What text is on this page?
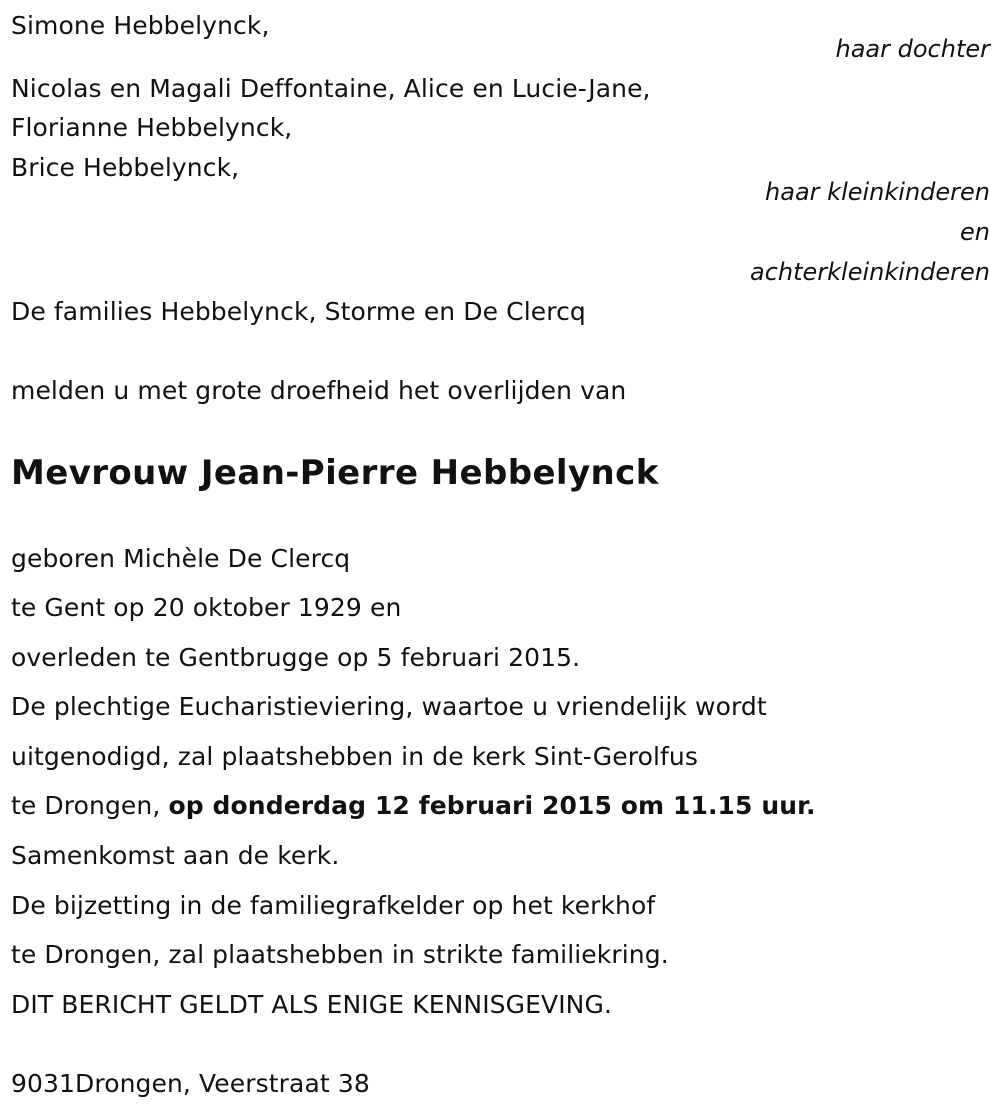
Simone Hebbelynck,
haar dochter
Nicolas en Magali Deffontaine, Alice en Lucie-Jane,
Florianne Hebbelynck,
Brice Hebbelynck,
haar kleinkinderen
en
achterkleinkinderen
De families Hebbelynck, Storme en De Clercq
melden u met grote droefheid het overlijden van
Mevrouw Jean-Pierre Hebbelynck
geboren Michèle De Clercq
te Gent op 20 oktober 1929 en
overleden te Gentbrugge op 5 februari 2015.
De plechtige Eucharistieviering, waartoe u vriendelijk wordt
uitgenodigd, zal plaatshebben in de kerk Sint-Gerolfus
te Drongen, op donderdag 12 februari 2015 om 11.15 uur.
Samenkomst aan de kerk.
De bijzetting in de familiegrafkelder op het kerkhof
te Drongen, zal plaatshebben in strikte familiekring.
DIT BERICHT GELDT ALS ENIGE KENNISGEVING.
9031Drongen, Veerstraat 38
